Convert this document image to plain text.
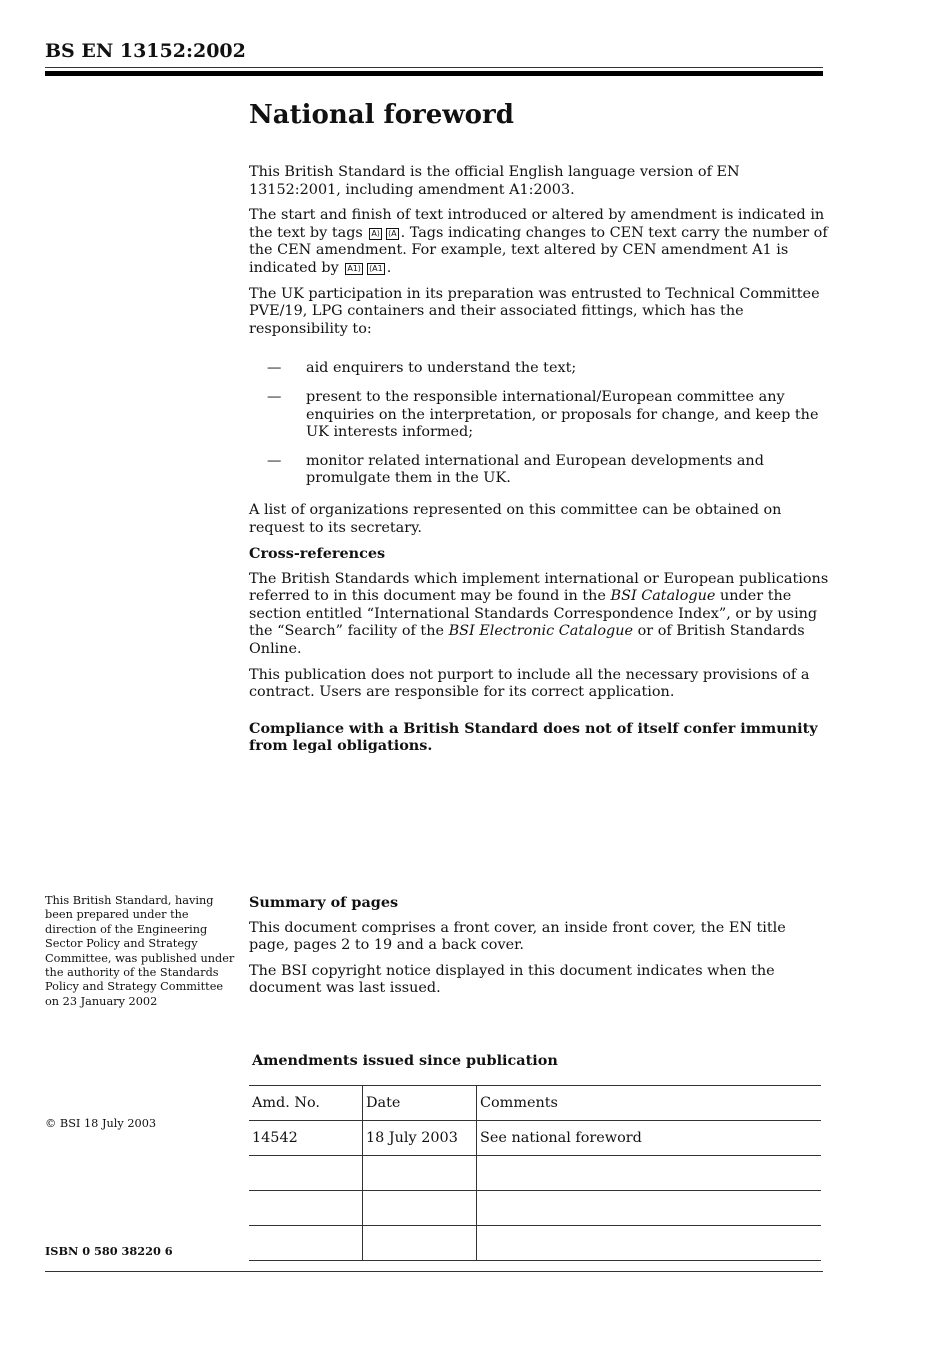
BS EN 13152:2002
National foreword

This British Standard is the official English language version of EN 13152:2001, including amendment A1:2003.

The start and finish of text introduced or altered by amendment is indicated in the text by tags A⟩ ⟨A . Tags indicating changes to CEN text carry the number of the CEN amendment. For example, text altered by CEN amendment A1 is indicated by A1⟩ ⟨A1 .

The UK participation in its preparation was entrusted to Technical Committee PVE/19, LPG containers and their associated fittings, which has the responsibility to:

— aid enquirers to understand the text;
— present to the responsible international/European committee any enquiries on the interpretation, or proposals for change, and keep the UK interests informed;
— monitor related international and European developments and promulgate them in the UK.

A list of organizations represented on this committee can be obtained on request to its secretary.

Cross-references

The British Standards which implement international or European publications referred to in this document may be found in the BSI Catalogue under the section entitled “International Standards Correspondence Index”, or by using the “Search” facility of the BSI Electronic Catalogue or of British Standards Online.

This publication does not purport to include all the necessary provisions of a contract. Users are responsible for its correct application.

Compliance with a British Standard does not of itself confer immunity from legal obligations.

This British Standard, having been prepared under the direction of the Engineering Sector Policy and Strategy Committee, was published under the authority of the Standards Policy and Strategy Committee on 23 January 2002

Summary of pages

This document comprises a front cover, an inside front cover, the EN title page, pages 2 to 19 and a back cover.

The BSI copyright notice displayed in this document indicates when the document was last issued.

Amendments issued since publication
Amd. No.	Date	Comments
14542	18 July 2003	See national foreword

© BSI 18 July 2003
ISBN 0 580 38220 6
